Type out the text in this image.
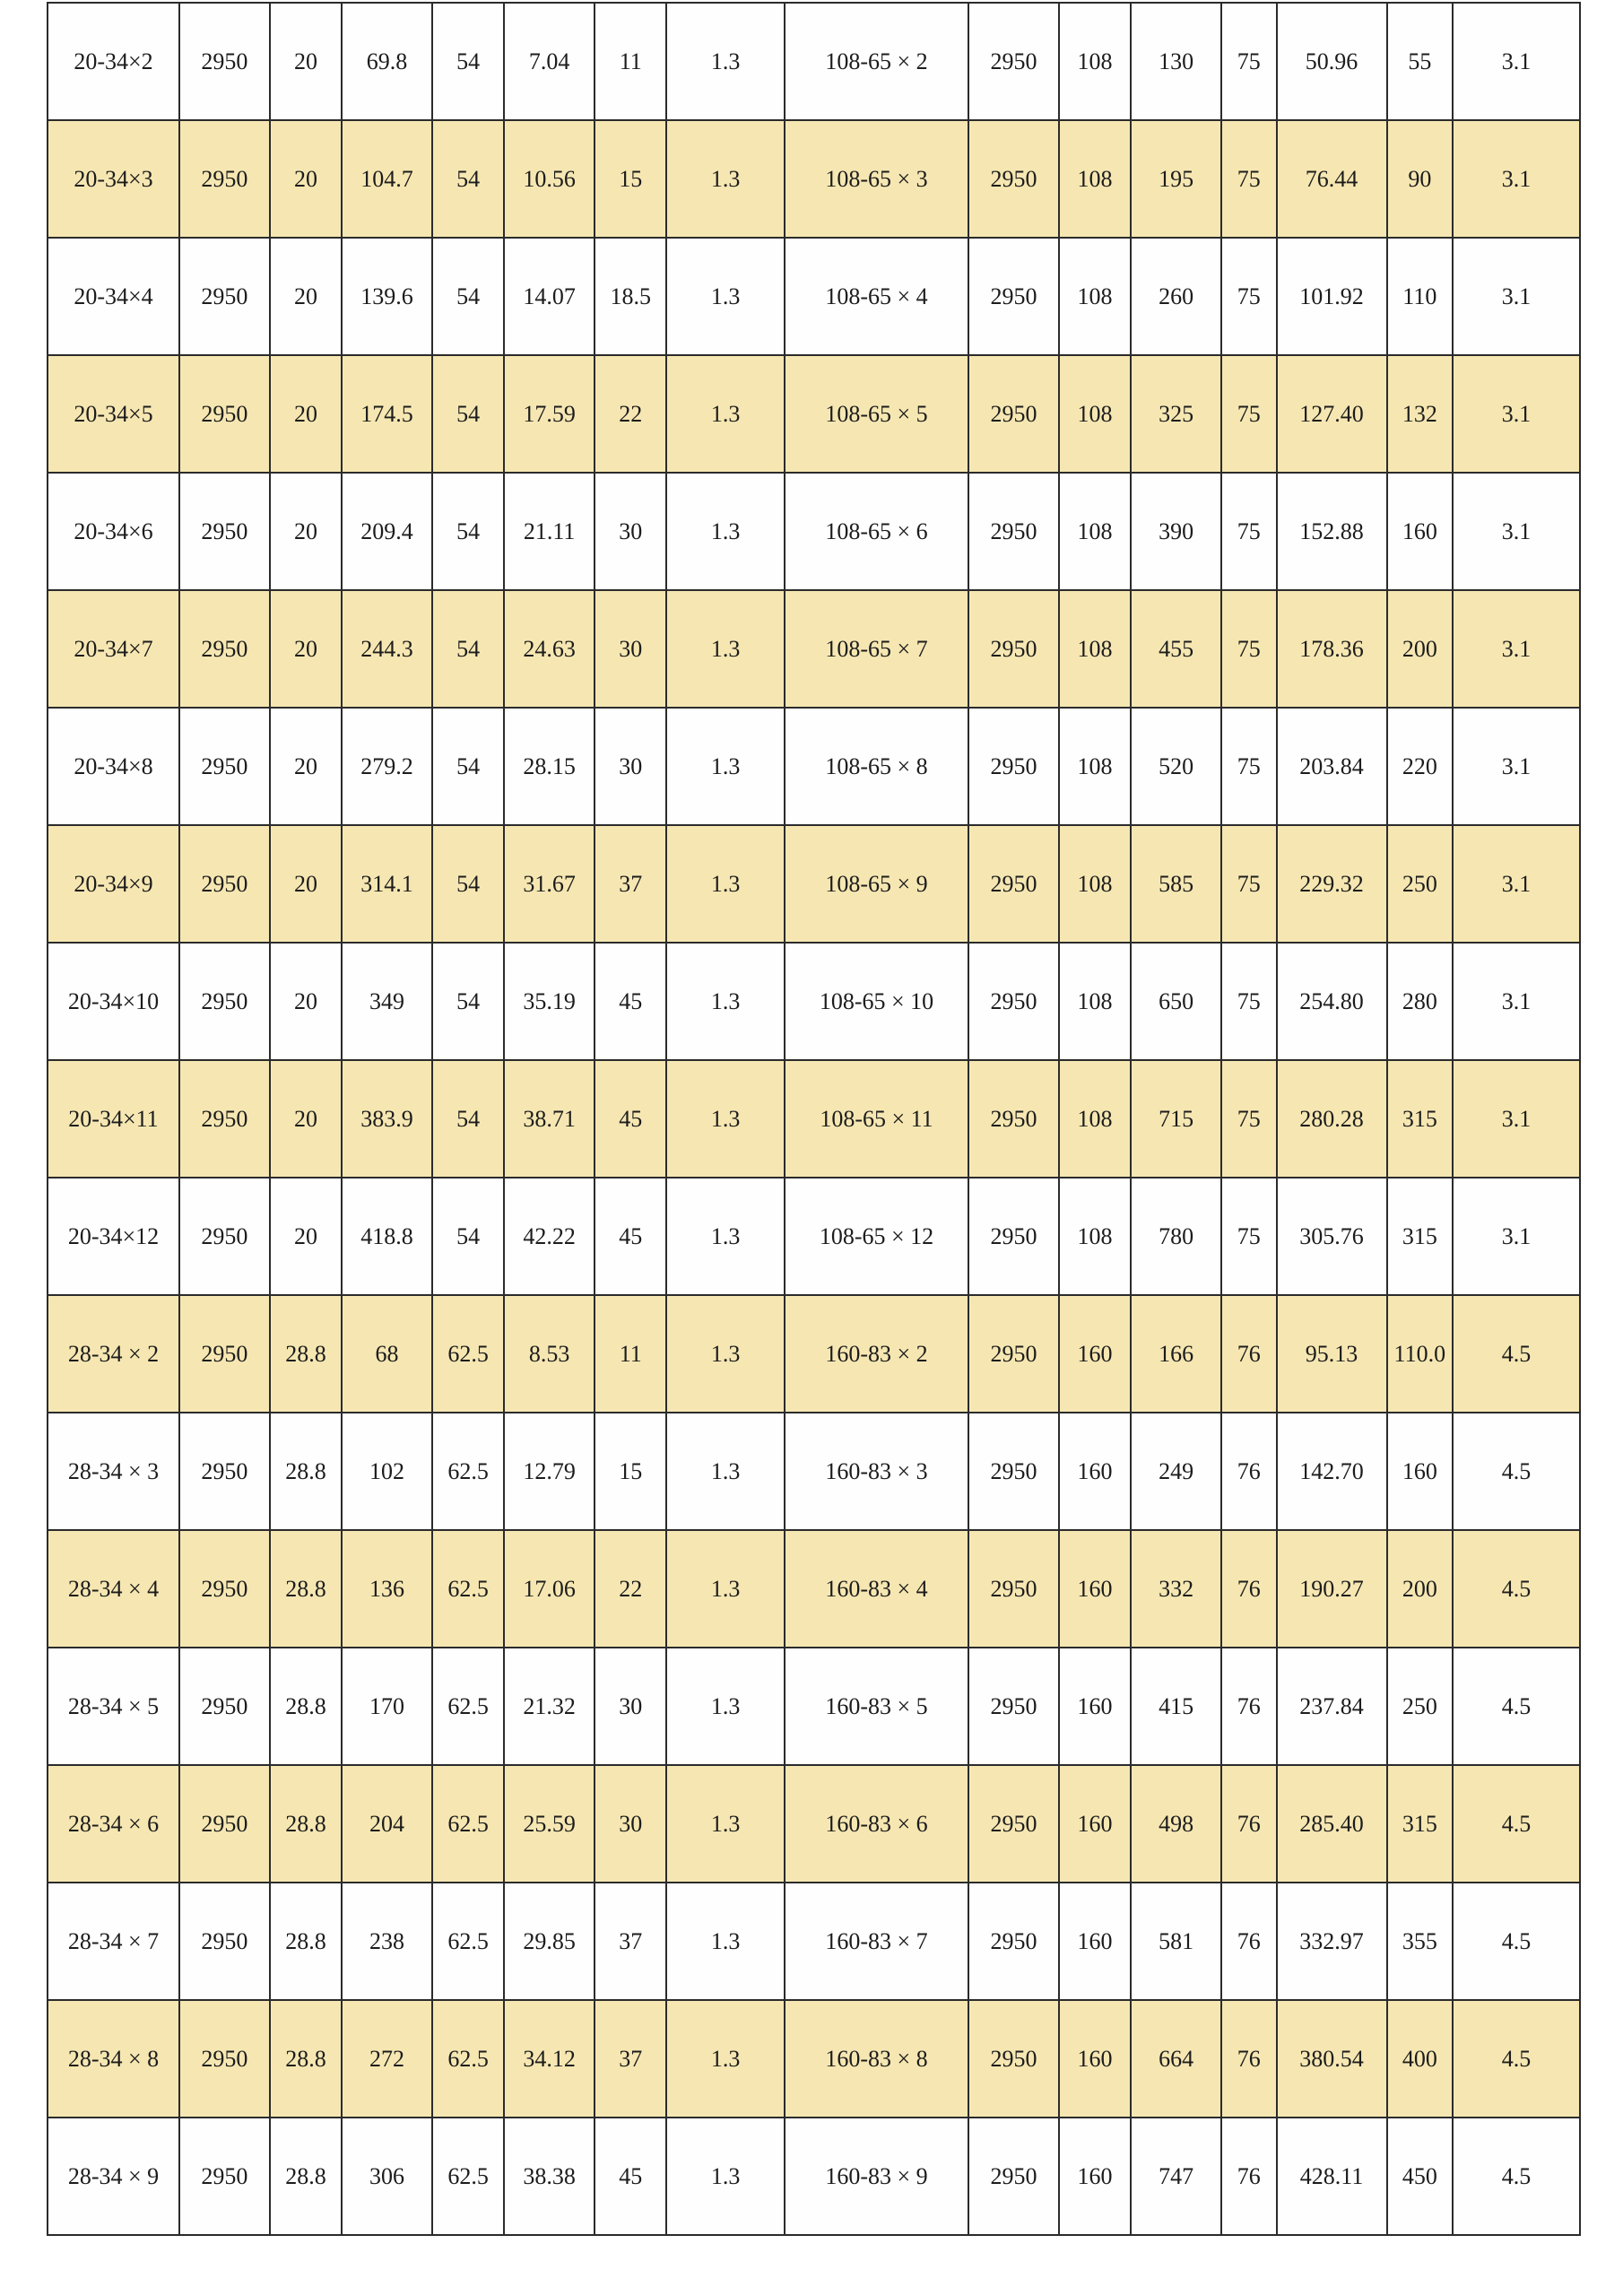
20-34×2	2950	20	69.8	54	7.04	11	1.3	108-65 × 2	2950	108	130	75	50.96	55	3.1
20-34×3	2950	20	104.7	54	10.56	15	1.3	108-65 × 3	2950	108	195	75	76.44	90	3.1
20-34×4	2950	20	139.6	54	14.07	18.5	1.3	108-65 × 4	2950	108	260	75	101.92	110	3.1
20-34×5	2950	20	174.5	54	17.59	22	1.3	108-65 × 5	2950	108	325	75	127.40	132	3.1
20-34×6	2950	20	209.4	54	21.11	30	1.3	108-65 × 6	2950	108	390	75	152.88	160	3.1
20-34×7	2950	20	244.3	54	24.63	30	1.3	108-65 × 7	2950	108	455	75	178.36	200	3.1
20-34×8	2950	20	279.2	54	28.15	30	1.3	108-65 × 8	2950	108	520	75	203.84	220	3.1
20-34×9	2950	20	314.1	54	31.67	37	1.3	108-65 × 9	2950	108	585	75	229.32	250	3.1
20-34×10	2950	20	349	54	35.19	45	1.3	108-65 × 10	2950	108	650	75	254.80	280	3.1
20-34×11	2950	20	383.9	54	38.71	45	1.3	108-65 × 11	2950	108	715	75	280.28	315	3.1
20-34×12	2950	20	418.8	54	42.22	45	1.3	108-65 × 12	2950	108	780	75	305.76	315	3.1
28-34 × 2	2950	28.8	68	62.5	8.53	11	1.3	160-83 × 2	2950	160	166	76	95.13	110.0	4.5
28-34 × 3	2950	28.8	102	62.5	12.79	15	1.3	160-83 × 3	2950	160	249	76	142.70	160	4.5
28-34 × 4	2950	28.8	136	62.5	17.06	22	1.3	160-83 × 4	2950	160	332	76	190.27	200	4.5
28-34 × 5	2950	28.8	170	62.5	21.32	30	1.3	160-83 × 5	2950	160	415	76	237.84	250	4.5
28-34 × 6	2950	28.8	204	62.5	25.59	30	1.3	160-83 × 6	2950	160	498	76	285.40	315	4.5
28-34 × 7	2950	28.8	238	62.5	29.85	37	1.3	160-83 × 7	2950	160	581	76	332.97	355	4.5
28-34 × 8	2950	28.8	272	62.5	34.12	37	1.3	160-83 × 8	2950	160	664	76	380.54	400	4.5
28-34 × 9	2950	28.8	306	62.5	38.38	45	1.3	160-83 × 9	2950	160	747	76	428.11	450	4.5
